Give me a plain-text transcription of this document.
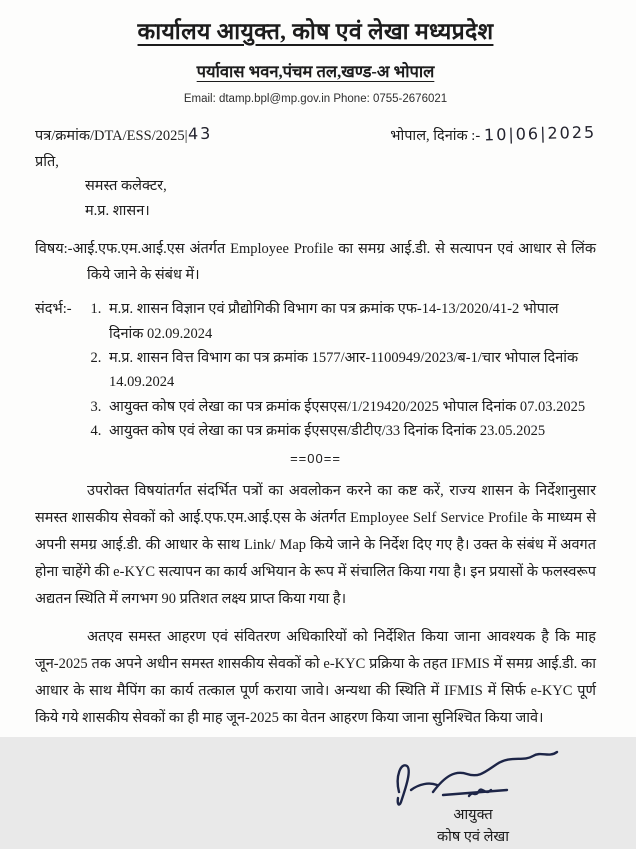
कार्यालय आयुक्त, कोष एवं लेखा मध्यप्रदेश
पर्यावास भवन,पंचम तल,खण्ड-अ भोपाल
Email: dtamp.bpl@mp.gov.in Phone: 0755-2676021
पत्र/क्रमांक/DTA/ESS/2025|43	भोपाल, दिनांक :- 10|06|2025
प्रति,
समस्त कलेक्टर,
म.प्र. शासन।
विषय:-आई.एफ.एम.आई.एस अंतर्गत Employee Profile का समग्र आई.डी. से सत्यापन एवं आधार से लिंक किये जाने के संबंध में।
संदर्भ:-	1. म.प्र. शासन विज्ञान एवं प्रौद्योगिकी विभाग का पत्र क्रमांक एफ-14-13/2020/41-2 भोपाल दिनांक 02.09.2024
2. म.प्र. शासन वित्त विभाग का पत्र क्रमांक 1577/आर-1100949/2023/ब-1/चार भोपाल दिनांक 14.09.2024
3. आयुक्त कोष एवं लेखा का पत्र क्रमांक ईएसएस/1/219420/2025 भोपाल दिनांक 07.03.2025
4. आयुक्त कोष एवं लेखा का पत्र क्रमांक ईएसएस/डीटीए/33 दिनांक दिनांक 23.05.2025
==00==
उपरोक्त विषयांतर्गत संदर्भित पत्रों का अवलोकन करने का कष्ट करें, राज्य शासन के निर्देशानुसार समस्त शासकीय सेवकों को आई.एफ.एम.आई.एस के अंतर्गत Employee Self Service Profile के माध्यम से अपनी समग्र आई.डी. की आधार के साथ Link/ Map किये जाने के निर्देश दिए गए है। उक्त के संबंध में अवगत होना चाहेंगे की e-KYC सत्यापन का कार्य अभियान के रूप में संचालित किया गया है। इन प्रयासों के फलस्वरूप अद्यतन स्थिति में लगभग 90 प्रतिशत लक्ष्य प्राप्त किया गया है।
अतएव समस्त आहरण एवं संवितरण अधिकारियों को निर्देशित किया जाना आवश्यक है कि माह जून-2025 तक अपने अधीन समस्त शासकीय सेवकों को e-KYC प्रक्रिया के तहत IFMIS में समग्र आई.डी. का आधार के साथ मैपिंग का कार्य तत्काल पूर्ण कराया जावे। अन्यथा की स्थिति में IFMIS में सिर्फ e-KYC पूर्ण किये गये शासकीय सेवकों का ही माह जून-2025 का वेतन आहरण किया जाना सुनिश्चित किया जावे।
आयुक्त
कोष एवं लेखा
